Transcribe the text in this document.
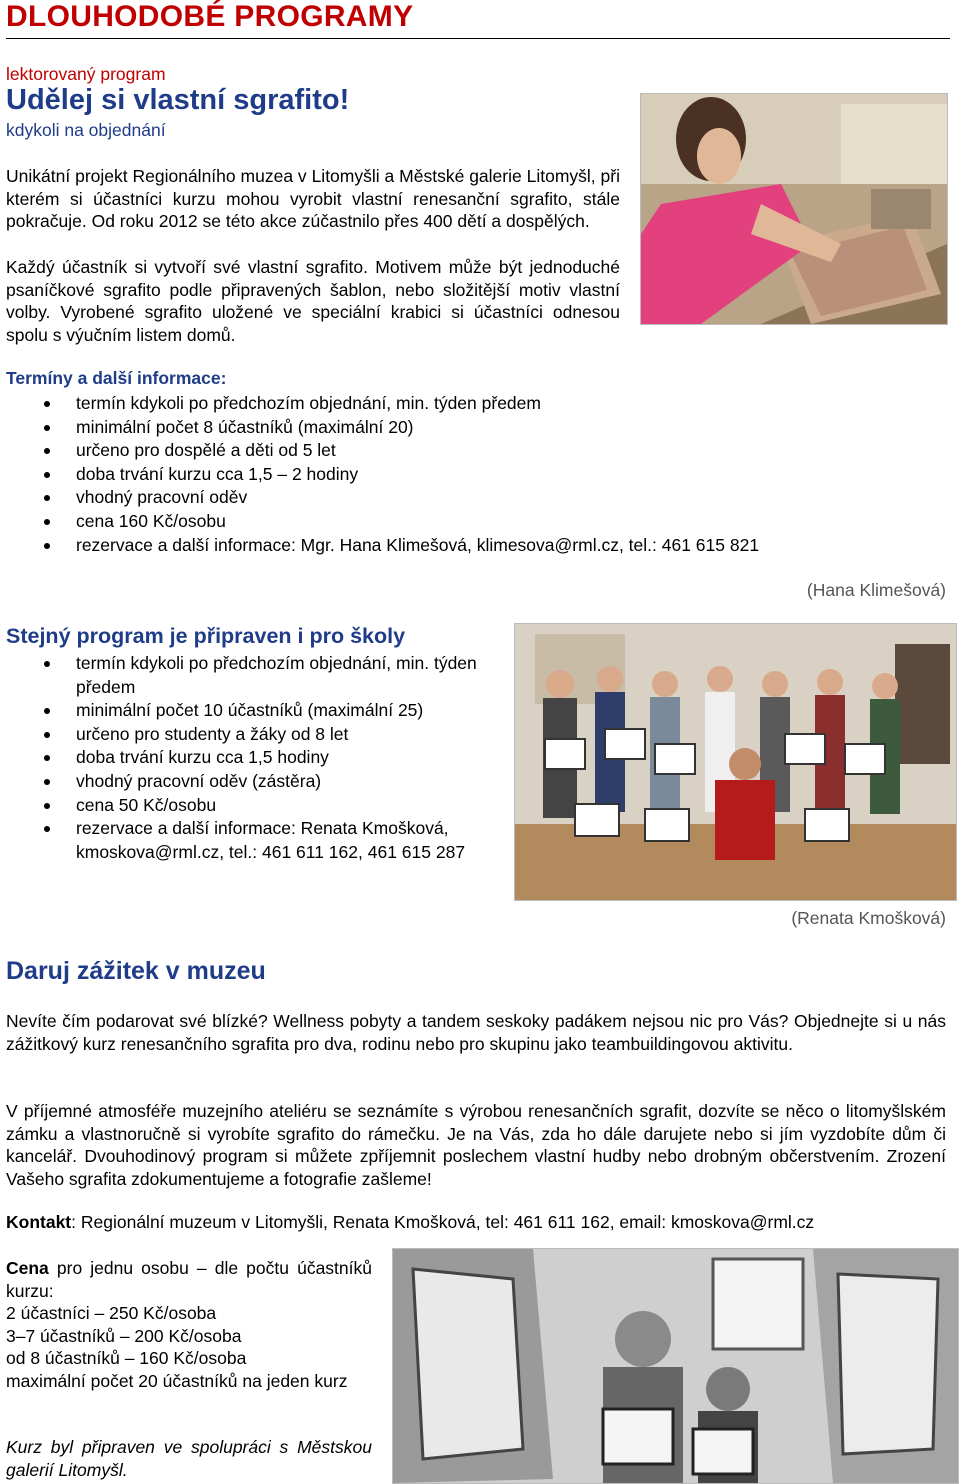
DLOUHODOBÉ PROGRAMY
lektorovaný program
Udělej si vlastní sgrafito!
kdykoli na objednání
Unikátní projekt Regionálního muzea v Litomyšli a Městské galerie Litomyšl, při kterém si účastníci kurzu mohou vyrobit vlastní renesanční sgrafito, stále pokračuje. Od roku 2012 se této akce zúčastnilo přes 400 dětí a dospělých.
Každý účastník si vytvoří své vlastní sgrafito. Motivem může být jednoduché psaníčkové sgrafito podle připravených šablon, nebo složitější motiv vlastní volby. Vyrobené sgrafito uložené ve speciální krabici si účastníci odnesou spolu s výučním listem domů.
Termíny a další informace:
termín kdykoli po předchozím objednání, min. týden předem
minimální počet 8 účastníků (maximální 20)
určeno pro dospělé a děti od 5 let
doba trvání kurzu cca 1,5 – 2 hodiny
vhodný pracovní oděv
cena 160 Kč/osobu
rezervace a další informace: Mgr. Hana Klimešová, klimesova@rml.cz, tel.: 461 615 821
(Hana Klimešová)
Stejný program je připraven i pro školy
termín kdykoli po předchozím objednání, min. týden předem
minimální počet 10 účastníků (maximální 25)
určeno pro studenty a žáky od 8 let
doba trvání kurzu cca 1,5 hodiny
vhodný pracovní oděv (zástěra)
cena 50 Kč/osobu
rezervace a další informace: Renata Kmošková, kmoskova@rml.cz, tel.: 461 611 162, 461 615 287
(Renata Kmošková)
Daruj zážitek v muzeu
Nevíte čím podarovat své blízké? Wellness pobyty a tandem seskoky padákem nejsou nic pro Vás? Objednejte si u nás zážitkový kurz renesančního sgrafita pro dva, rodinu nebo pro skupinu jako teambuildingovou aktivitu.
V příjemné atmosféře muzejního ateliéru se seznámíte s výrobou renesančních sgrafit, dozvíte se něco o litomyšlském zámku a vlastnoručně si vyrobíte sgrafito do rámečku. Je na Vás, zda ho dále darujete nebo si jím vyzdobíte dům či kancelář. Dvouhodinový program si můžete zpříjemnit poslechem vlastní hudby nebo drobným občerstvením. Zrození Vašeho sgrafita zdokumentujeme a fotografie zašleme!
Kontakt: Regionální muzeum v Litomyšli, Renata Kmošková, tel: 461 611 162, email: kmoskova@rml.cz
Cena pro jednu osobu – dle počtu účastníků kurzu:
2 účastníci – 250 Kč/osoba
3–7 účastníků – 200 Kč/osoba
od 8 účastníků – 160 Kč/osoba
maximální počet 20 účastníků na jeden kurz
Kurz byl připraven ve spolupráci s Městskou galerií Litomyšl.
